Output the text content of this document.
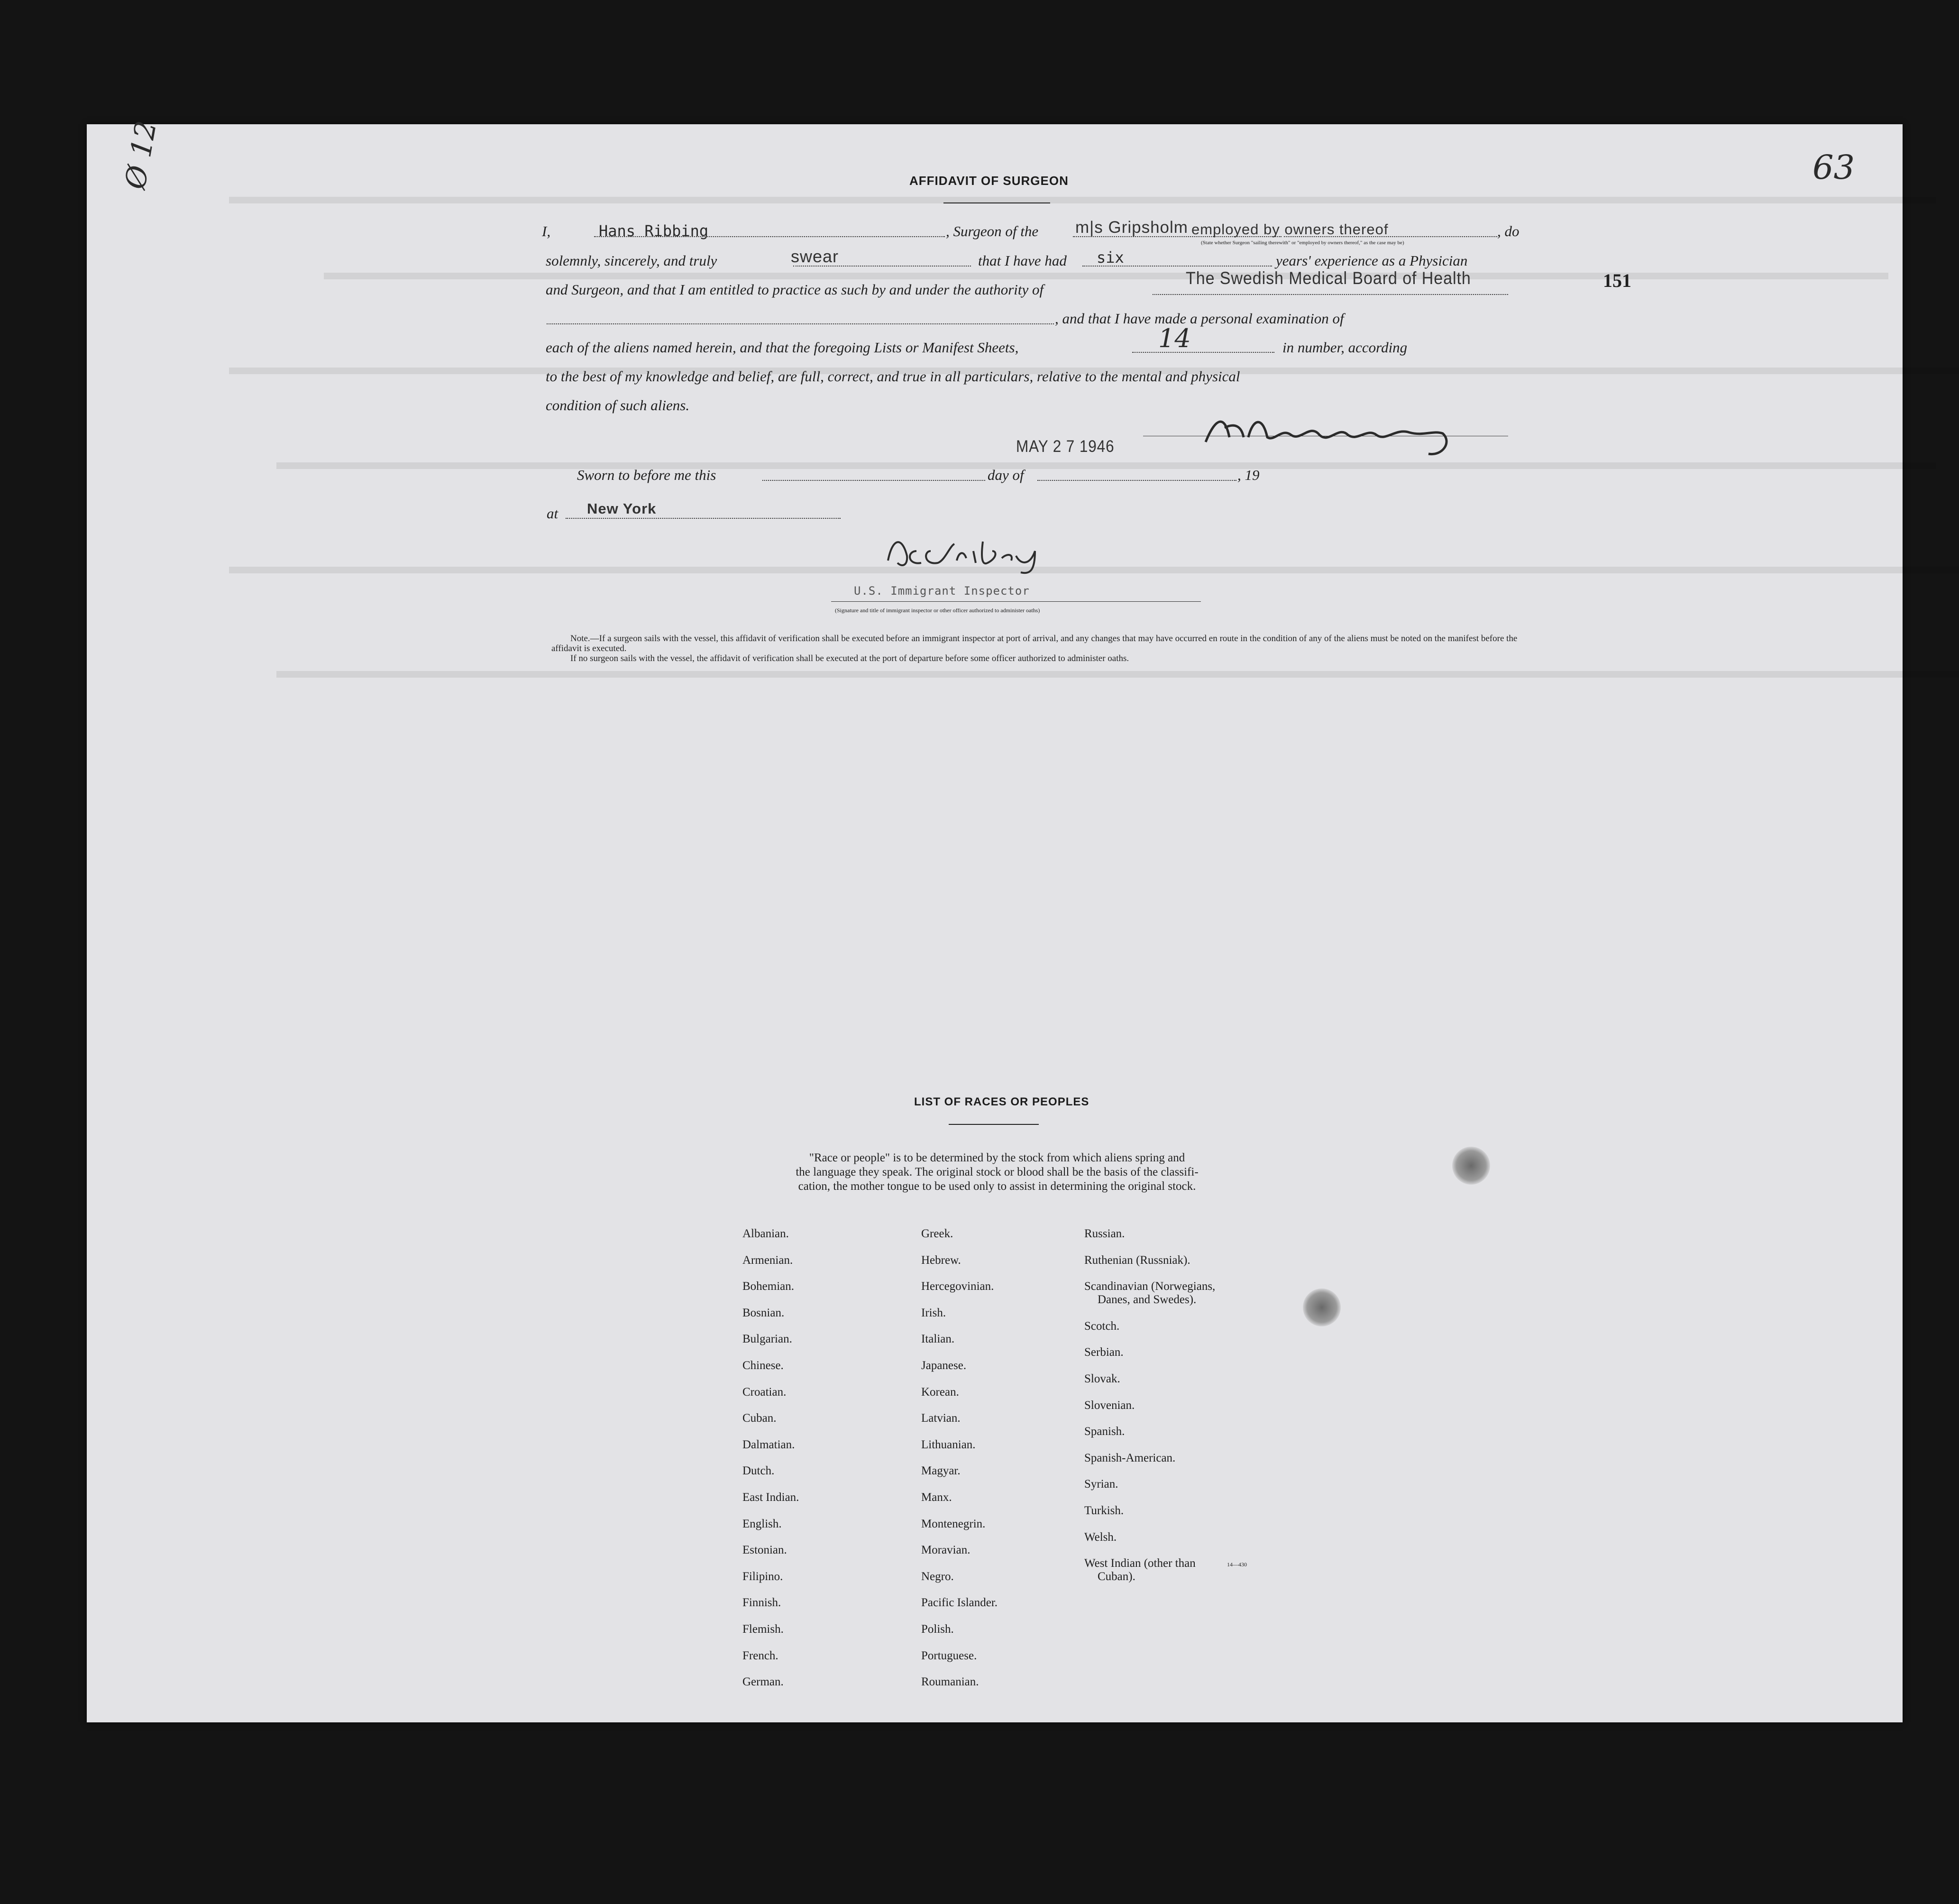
Ø 12	63
AFFIDAVIT OF SURGEON
I,	Hans Ribbing	, Surgeon of the m|s Gripsholm employed by owners thereof
(State whether Surgeon "sailing therewith" or "employed by owners thereof," as the case may be)
, do
solemnly, sincerely, and truly	swear	that I have had six	years' experience as a Physician
and Surgeon, and that I am entitled to practice as such by and under the authority of
The Swedish Medical Board of Health	151
, and that I have made a personal examination of
each of the aliens named herein, and that the foregoing Lists or Manifest Sheets,	14	in number, according
to the best of my knowledge and belief, are full, correct, and true in all particulars, relative to the mental and physical
condition of such aliens.
MAY 2 7 1946
Sworn to before me this	day of	, 19
at New York
U.S. Immigrant Inspector
(Signature and title of immigrant inspector or other officer authorized to administer oaths)
Note.—If a surgeon sails with the vessel, this affidavit of verification shall be executed before an immigrant inspector at port of arrival, and any changes that may have occurred en route in the condition of any of the aliens must be noted on the manifest before the affidavit is executed.
If no surgeon sails with the vessel, the affidavit of verification shall be executed at the port of departure before some officer authorized to administer oaths.
LIST OF RACES OR PEOPLES
"Race or people" is to be determined by the stock from which aliens spring and
the language they speak. The original stock or blood shall be the basis of the classifi-
cation, the mother tongue to be used only to assist in determining the original stock.
Albanian.
Armenian.
Bohemian.
Bosnian.
Bulgarian.
Chinese.
Croatian.
Cuban.
Dalmatian.
Dutch.
East Indian.
English.
Estonian.
Filipino.
Finnish.
Flemish.
French.
German.
Greek.
Hebrew.
Hercegovinian.
Irish.
Italian.
Japanese.
Korean.
Latvian.
Lithuanian.
Magyar.
Manx.
Montenegrin.
Moravian.
Negro.
Pacific Islander.
Polish.
Portuguese.
Roumanian.
Russian.
Ruthenian (Russniak).
Scandinavian (Norwegians,
Danes, and Swedes).
Scotch.
Serbian.
Slovak.
Slovenian.
Spanish.
Spanish-American.
Syrian.
Turkish.
Welsh.
West Indian (other than
Cuban).
14—430
